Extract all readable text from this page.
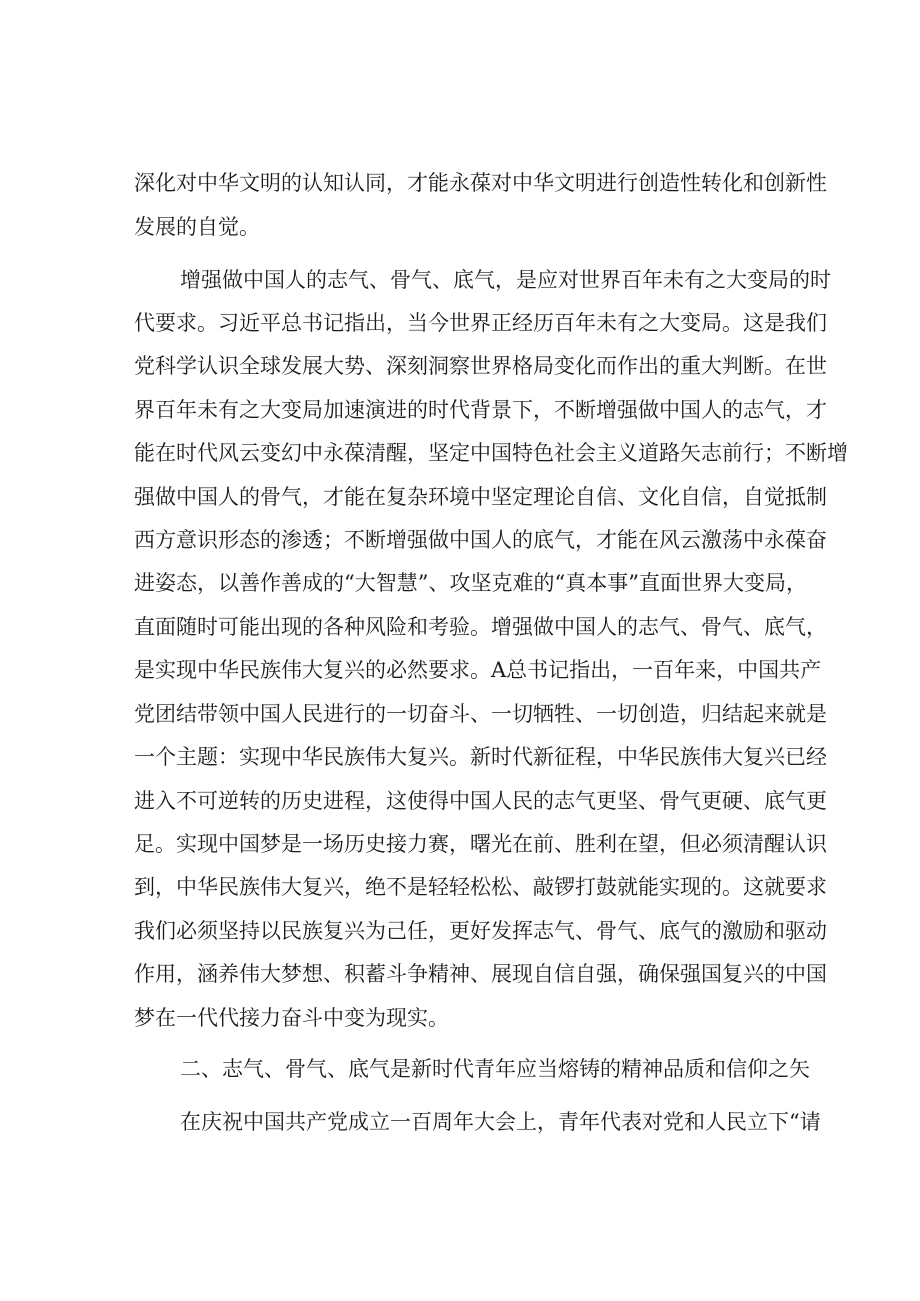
深化对中华文明的认知认同，才能永葆对中华文明进行创造性转化和创新性
发展的自觉。
增强做中国人的志气、骨气、底气，是应对世界百年未有之大变局的时
代要求。习近平总书记指出，当今世界正经历百年未有之大变局。这是我们
党科学认识全球发展大势、深刻洞察世界格局变化而作出的重大判断。在世
界百年未有之大变局加速演进的时代背景下，不断增强做中国人的志气，才
能在时代风云变幻中永葆清醒，坚定中国特色社会主义道路矢志前行；不断增
强做中国人的骨气，才能在复杂环境中坚定理论自信、文化自信，自觉抵制
西方意识形态的渗透；不断增强做中国人的底气，才能在风云激荡中永葆奋
进姿态，以善作善成的“大智慧”、攻坚克难的“真本事”直面世界大变局，
直面随时可能出现的各种风险和考验。增强做中国人的志气、骨气、底气，
是实现中华民族伟大复兴的必然要求。A总书记指出，一百年来，中国共产
党团结带领中国人民进行的一切奋斗、一切牺牲、一切创造，归结起来就是
一个主题：实现中华民族伟大复兴。新时代新征程，中华民族伟大复兴已经
进入不可逆转的历史进程，这使得中国人民的志气更坚、骨气更硬、底气更
足。实现中国梦是一场历史接力赛，曙光在前、胜利在望，但必须清醒认识
到，中华民族伟大复兴，绝不是轻轻松松、敲锣打鼓就能实现的。这就要求
我们必须坚持以民族复兴为己任，更好发挥志气、骨气、底气的激励和驱动
作用，涵养伟大梦想、积蓄斗争精神、展现自信自强，确保强国复兴的中国
梦在一代代接力奋斗中变为现实。
二、志气、骨气、底气是新时代青年应当熔铸的精神品质和信仰之矢
在庆祝中国共产党成立一百周年大会上，青年代表对党和人民立下“请
